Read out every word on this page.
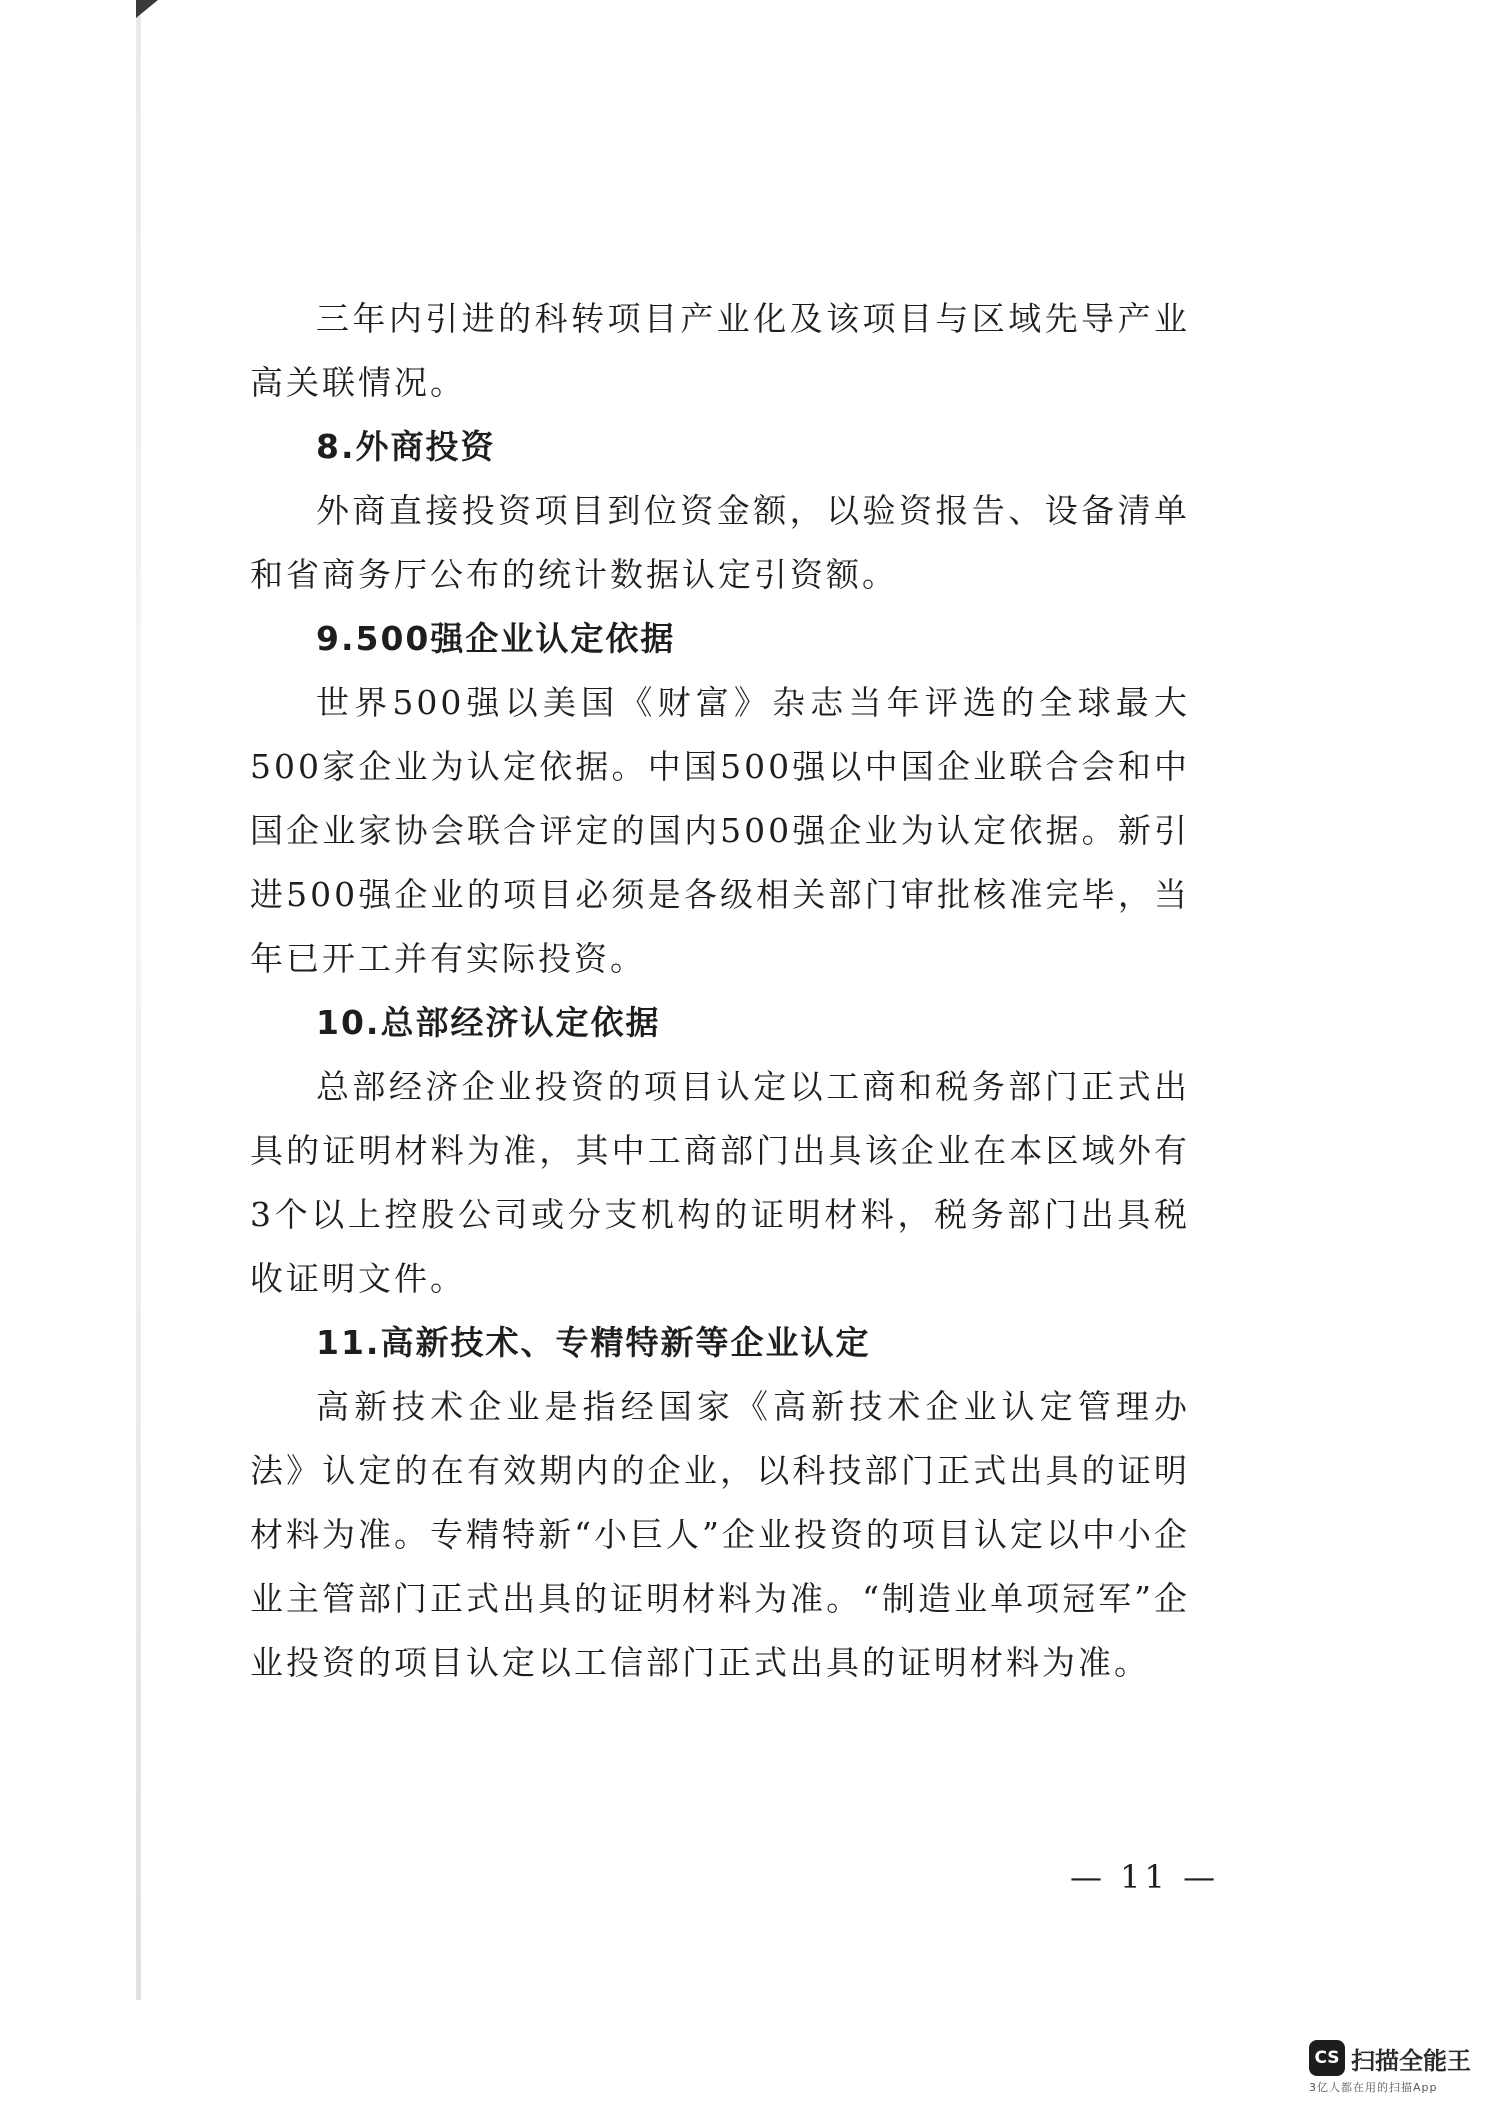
三年内引进的科转项目产业化及该项目与区域先导产业高关联情况。

8.外商投资

外商直接投资项目到位资金额，以验资报告、设备清单和省商务厅公布的统计数据认定引资额。

9.500强企业认定依据

世界500强以美国《财富》杂志当年评选的全球最大500家企业为认定依据。中国500强以中国企业联合会和中国企业家协会联合评定的国内500强企业为认定依据。新引进500强企业的项目必须是各级相关部门审批核准完毕，当年已开工并有实际投资。

10.总部经济认定依据

总部经济企业投资的项目认定以工商和税务部门正式出具的证明材料为准，其中工商部门出具该企业在本区域外有3个以上控股公司或分支机构的证明材料，税务部门出具税收证明文件。

11.高新技术、专精特新等企业认定

高新技术企业是指经国家《高新技术企业认定管理办法》认定的在有效期内的企业，以科技部门正式出具的证明材料为准。专精特新“小巨人”企业投资的项目认定以中小企业主管部门正式出具的证明材料为准。“制造业单项冠军”企业投资的项目认定以工信部门正式出具的证明材料为准。

— 11 —
CS 扫描全能王
3亿人都在用的扫描App
